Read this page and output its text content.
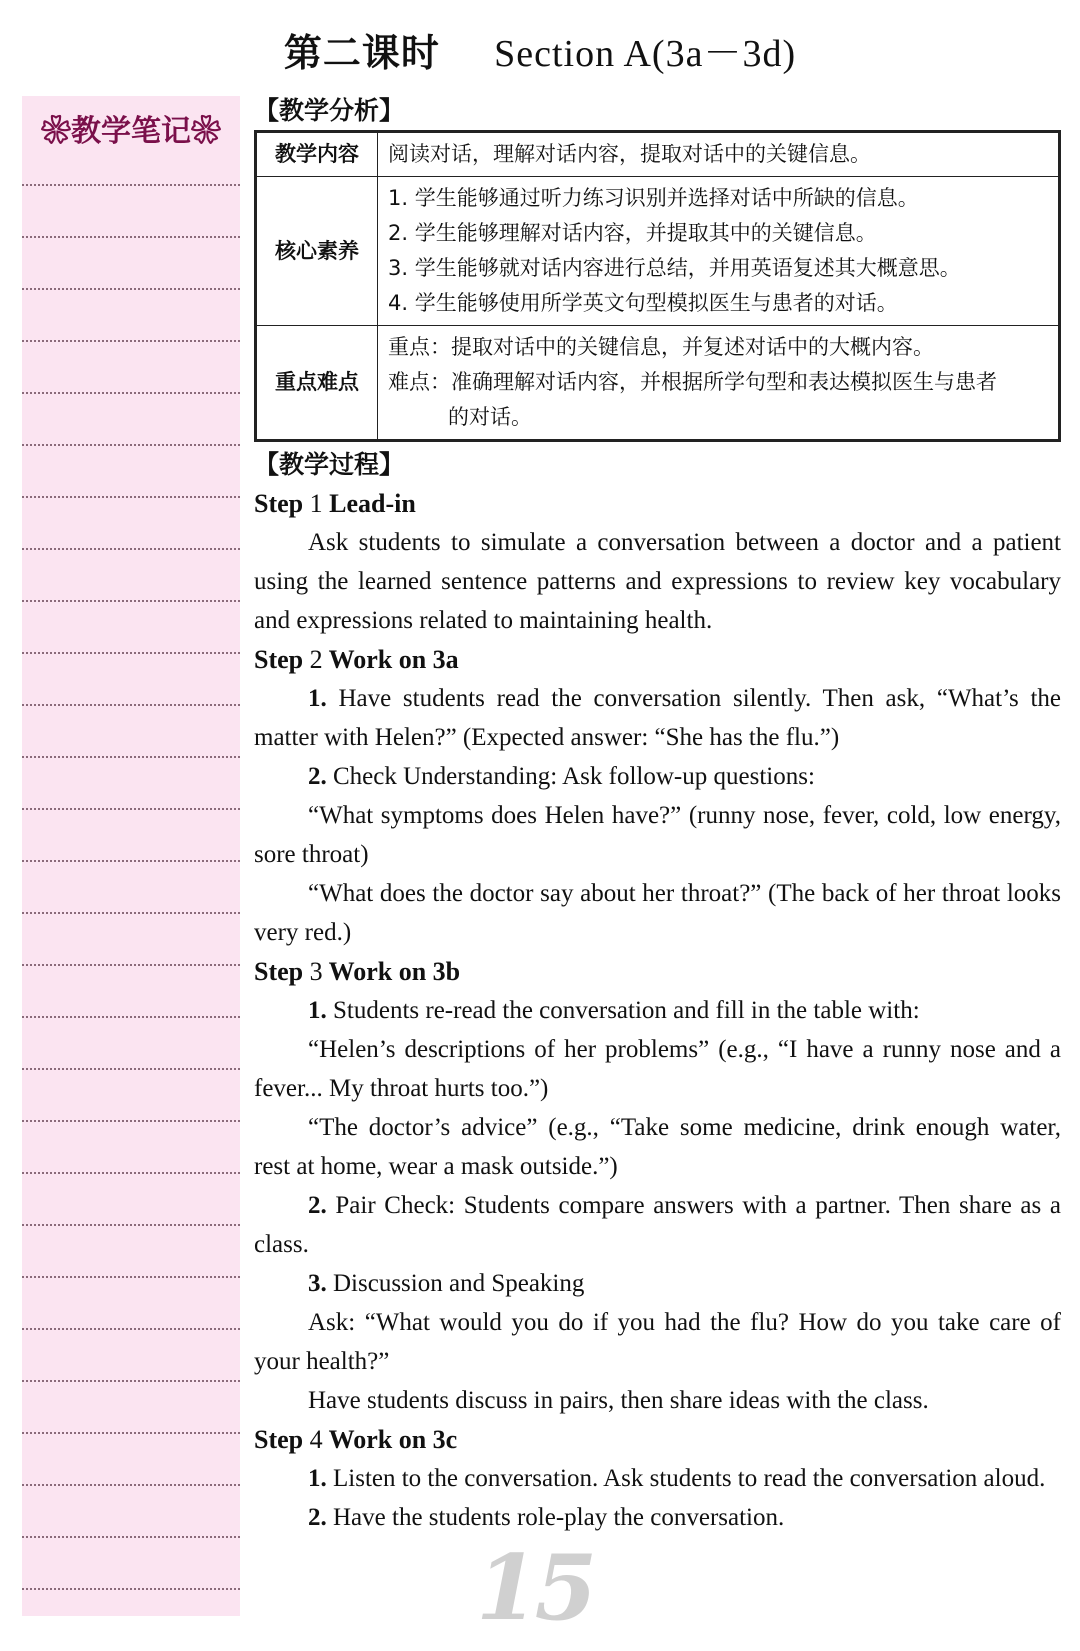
第二课时 Section A(3a－3d)
❀教学笔记❀
【教学分析】
教学内容	阅读对话，理解对话内容，提取对话中的关键信息。

核心素养	1. 学生能够通过听力练习识别并选择对话中所缺的信息。
2. 学生能够理解对话内容，并提取其中的关键信息。
3. 学生能够就对话内容进行总结，并用英语复述其大概意思。
4. 学生能够使用所学英文句型模拟医生与患者的对话。

重点难点	重点：提取对话中的关键信息，并复述对话中的大概内容。
难点：准确理解对话内容，并根据所学句型和表达模拟医生与患者
的对话。
【教学过程】
Step 1 Lead-in

Ask students to simulate a conversation between a doctor and a patient using the learned sentence patterns and expressions to review key vocabulary and expressions related to maintaining health.

Step 2 Work on 3a

1. Have students read the conversation silently. Then ask, “What’s the matter with Helen?” (Expected answer: “She has the flu.”)

2. Check Understanding: Ask follow-up questions:

“What symptoms does Helen have?” (runny nose, fever, cold, low energy, sore throat)

“What does the doctor say about her throat?” (The back of her throat looks very red.)

Step 3 Work on 3b

1. Students re-read the conversation and fill in the table with:

“Helen’s descriptions of her problems” (e.g., “I have a runny nose and a fever... My throat hurts too.”)

“The doctor’s advice” (e.g., “Take some medicine, drink enough water, rest at home, wear a mask outside.”)

2. Pair Check: Students compare answers with a partner. Then share as a class.

3. Discussion and Speaking

Ask: “What would you do if you had the flu? How do you take care of your health?”

Have students discuss in pairs, then share ideas with the class.

Step 4 Work on 3c

1. Listen to the conversation. Ask students to read the conversation aloud.

2. Have the students role-play the conversation.

15
